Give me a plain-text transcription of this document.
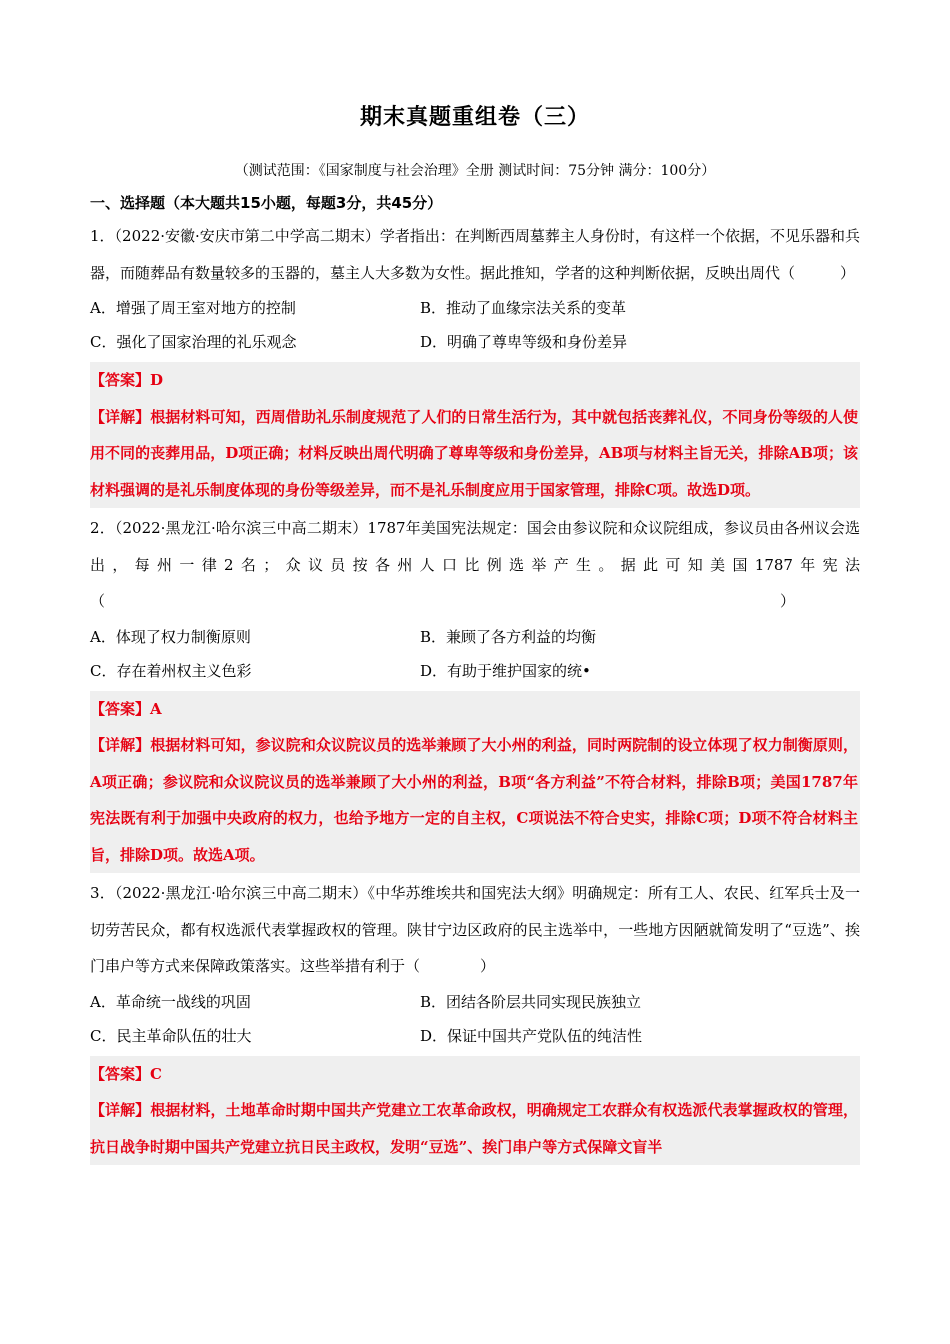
期末真题重组卷（三）
（测试范围：《国家制度与社会治理》全册 测试时间：75分钟 满分：100分）
一、选择题（本大题共15小题，每题3分，共45分）
1．（2022·安徽·安庆市第二中学高二期末）学者指出：在判断西周墓葬主人身份时，有这样一个依据，不见乐器和兵器，而随葬品有数量较多的玉器的，墓主人大多数为女性。据此推知，学者的这种判断依据，反映出周代（　　　）
A．增强了周王室对地方的控制	B．推动了血缘宗法关系的变革
C．强化了国家治理的礼乐观念	D．明确了尊卑等级和身份差异
【答案】D
【详解】根据材料可知，西周借助礼乐制度规范了人们的日常生活行为，其中就包括丧葬礼仪，不同身份等级的人使用不同的丧葬用品，D项正确；材料反映出周代明确了尊卑等级和身份差异，AB项与材料主旨无关，排除AB项；该材料强调的是礼乐制度体现的身份等级差异，而不是礼乐制度应用于国家管理，排除C项。故选D项。
2．（2022·黑龙江·哈尔滨三中高二期末）1787年美国宪法规定：国会由参议院和众议院组成，参议员由各州议会选出，每州一律2名；众议员按各州人口比例选举产生。据此可知美国1787年宪法（　　　　　　　　　　　　　　　　　　　　　　　　　　　　　　　　　　　　　　　　　　　　　）
A．体现了权力制衡原则	B．兼顾了各方利益的均衡
C．存在着州权主义色彩	D．有助于维护国家的统•
【答案】A
【详解】根据材料可知，参议院和众议院议员的选举兼顾了大小州的利益，同时两院制的设立体现了权力制衡原则，A项正确；参议院和众议院议员的选举兼顾了大小州的利益，B项“各方利益”不符合材料，排除B项；美国1787年宪法既有利于加强中央政府的权力，也给予地方一定的自主权，C项说法不符合史实，排除C项；D项不符合材料主旨，排除D项。故选A项。
3．（2022·黑龙江·哈尔滨三中高二期末）《中华苏维埃共和国宪法大纲》明确规定：所有工人、农民、红军兵士及一切劳苦民众，都有权选派代表掌握政权的管理。陕甘宁边区政府的民主选举中，一些地方因陋就简发明了“豆选”、挨门串户等方式来保障政策落实。这些举措有利于（　　　　）
A．革命统一战线的巩固	B．团结各阶层共同实现民族独立
C．民主革命队伍的壮大	D．保证中国共产党队伍的纯洁性
【答案】C
【详解】根据材料，土地革命时期中国共产党建立工农革命政权，明确规定工农群众有权选派代表掌握政权的管理，抗日战争时期中国共产党建立抗日民主政权，发明“豆选”、挨门串户等方式保障文盲半
